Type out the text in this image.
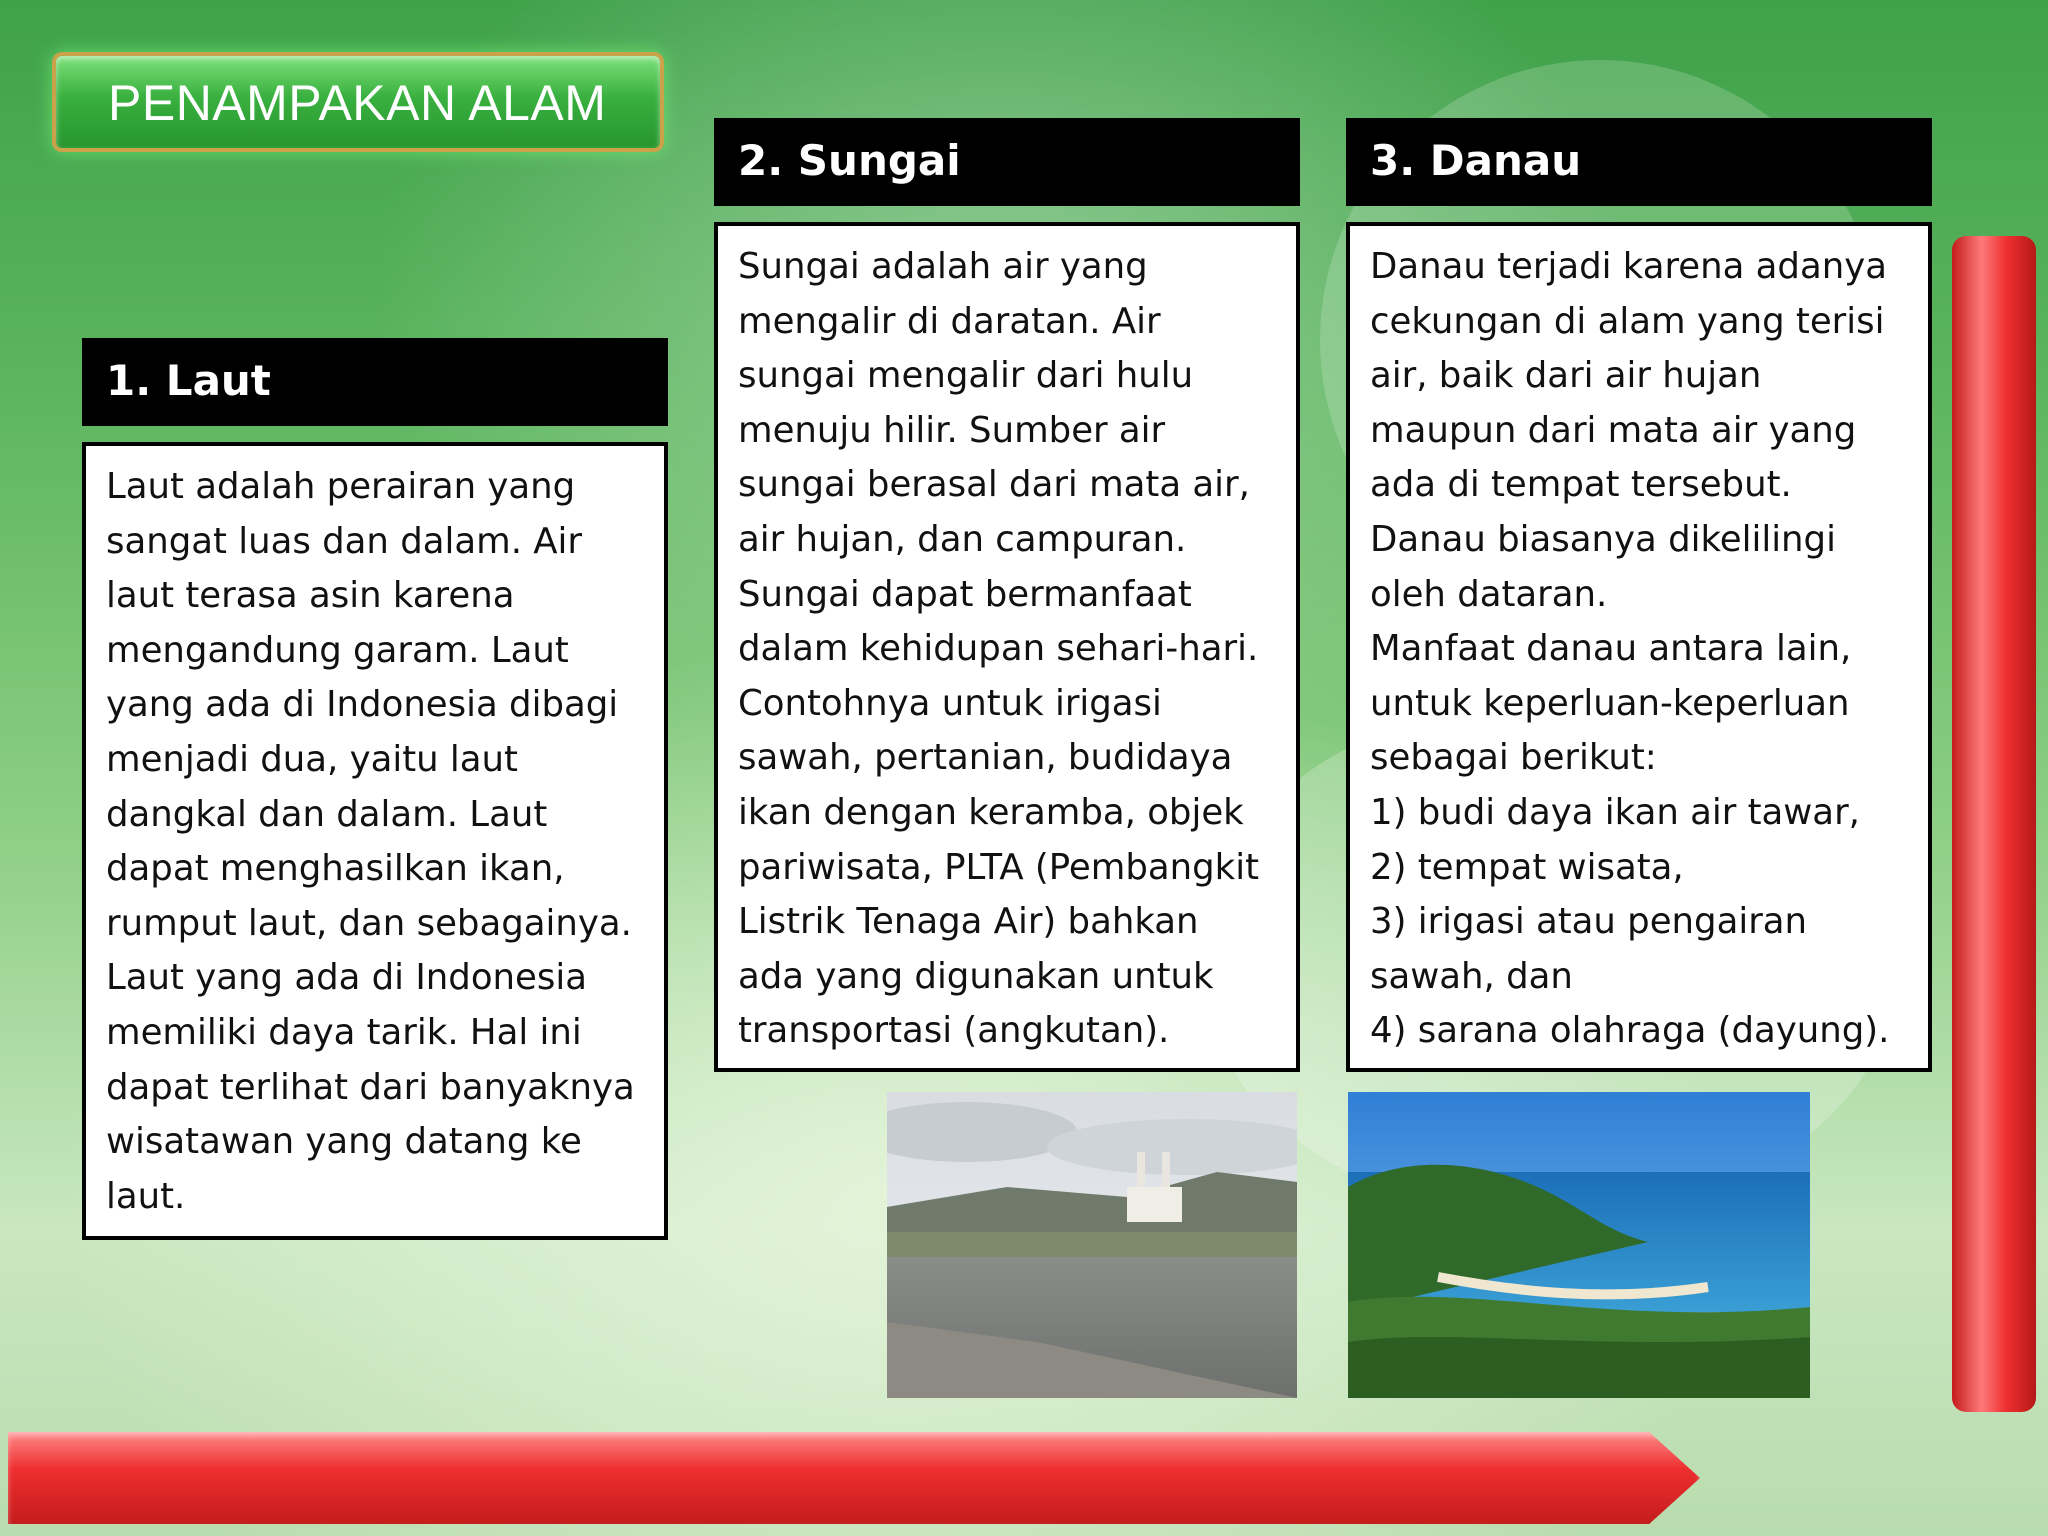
PENAMPAKAN ALAM
1. Laut
Laut adalah perairan yang
sangat luas dan dalam. Air
laut terasa asin karena
mengandung garam. Laut
yang ada di Indonesia dibagi
menjadi dua, yaitu laut
dangkal dan dalam. Laut
dapat menghasilkan ikan,
rumput laut, dan sebagainya.
Laut yang ada di Indonesia
memiliki daya tarik. Hal ini
dapat terlihat dari banyaknya
wisatawan yang datang ke
laut.
2. Sungai
Sungai adalah air yang
mengalir di daratan. Air
sungai mengalir dari hulu
menuju hilir. Sumber air
sungai berasal dari mata air,
air hujan, dan campuran.
Sungai dapat bermanfaat
dalam kehidupan sehari-hari.
Contohnya untuk irigasi
sawah, pertanian, budidaya
ikan dengan keramba, objek
pariwisata, PLTA (Pembangkit
Listrik Tenaga Air) bahkan
ada yang digunakan untuk
transportasi (angkutan).
3. Danau
Danau terjadi karena adanya
cekungan di alam yang terisi
air, baik dari air hujan
maupun dari mata air yang
ada di tempat tersebut.
Danau biasanya dikelilingi
oleh dataran.
Manfaat danau antara lain,
untuk keperluan-keperluan
sebagai berikut:
1) budi daya ikan air tawar,
2) tempat wisata,
3) irigasi atau pengairan
sawah, dan
4) sarana olahraga (dayung).
